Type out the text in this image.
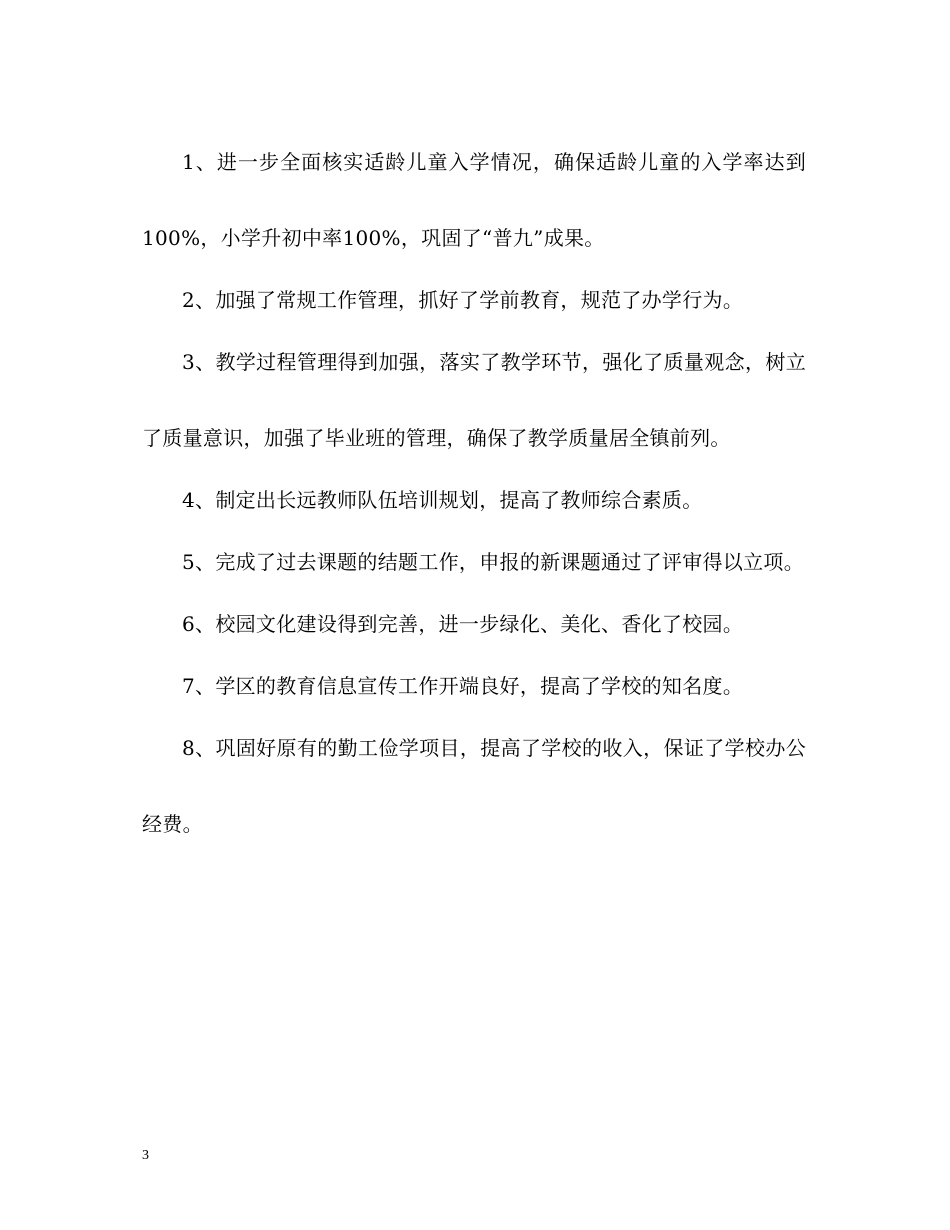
1、进一步全面核实适龄儿童入学情况，确保适龄儿童的入学率达到100%，小学升初中率100%，巩固了“普九”成果。

2、加强了常规工作管理，抓好了学前教育，规范了办学行为。

3、教学过程管理得到加强，落实了教学环节，强化了质量观念，树立了质量意识，加强了毕业班的管理，确保了教学质量居全镇前列。

4、制定出长远教师队伍培训规划，提高了教师综合素质。

5、完成了过去课题的结题工作，申报的新课题通过了评审得以立项。

6、校园文化建设得到完善，进一步绿化、美化、香化了校园。

7、学区的教育信息宣传工作开端良好，提高了学校的知名度。

8、巩固好原有的勤工俭学项目，提高了学校的收入，保证了学校办公经费。

3
